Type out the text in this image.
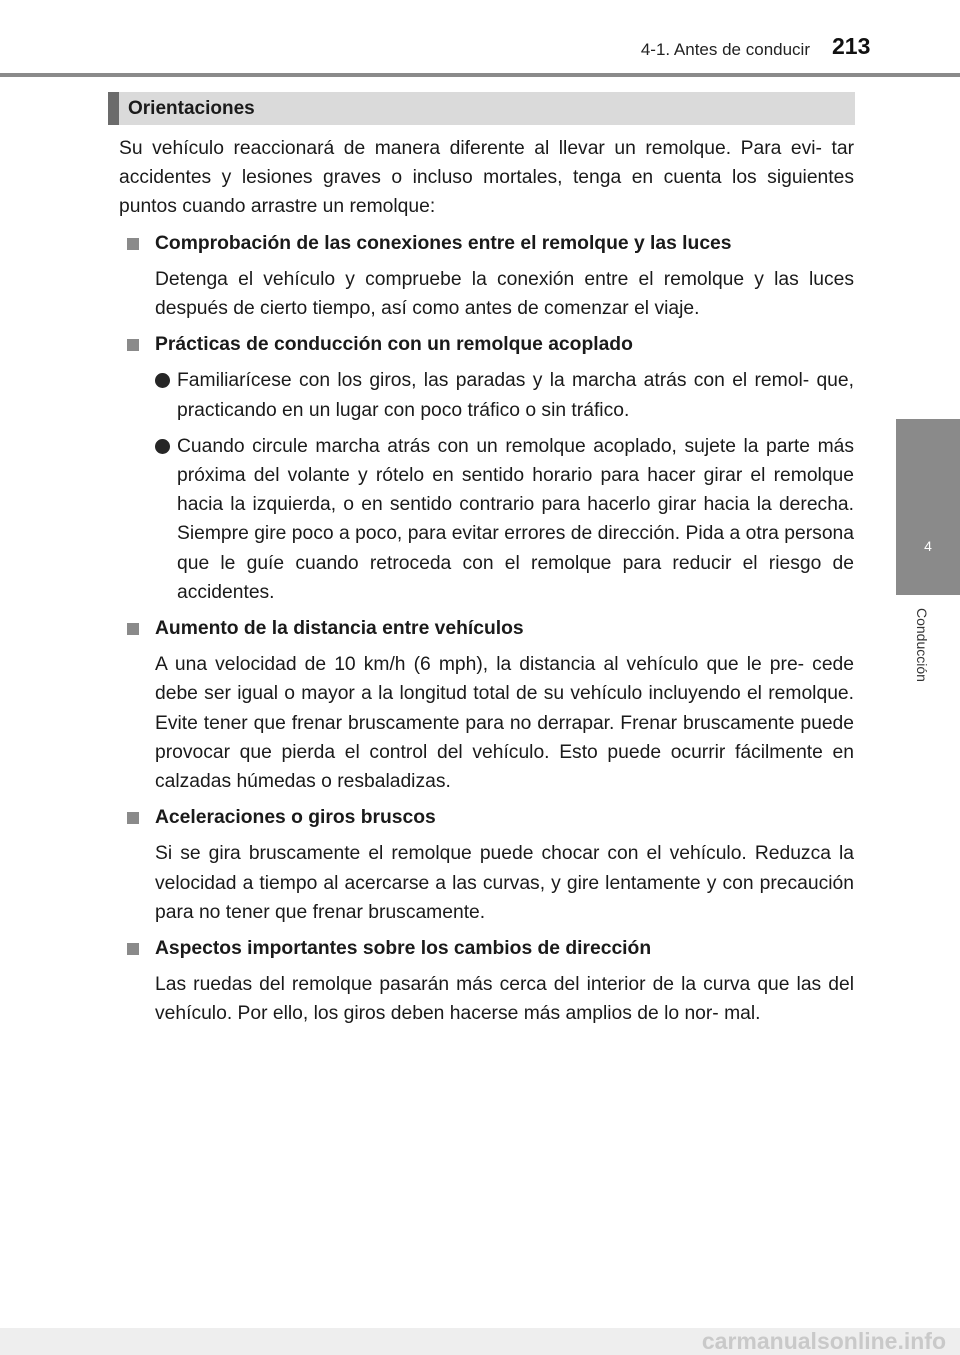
4-1. Antes de conducir 213
4
Conducción
Orientaciones

Su vehículo reaccionará de manera diferente al llevar un remolque. Para evi- tar accidentes y lesiones graves o incluso mortales, tenga en cuenta los siguientes puntos cuando arrastre un remolque:

Comprobación de las conexiones entre el remolque y las luces

Detenga el vehículo y compruebe la conexión entre el remolque y las luces después de cierto tiempo, así como antes de comenzar el viaje.

Prácticas de conducción con un remolque acoplado
Familiarícese con los giros, las paradas y la marcha atrás con el remol- que, practicando en un lugar con poco tráfico o sin tráfico.
Cuando circule marcha atrás con un remolque acoplado, sujete la parte más próxima del volante y rótelo en sentido horario para hacer girar el remolque hacia la izquierda, o en sentido contrario para hacerlo girar hacia la derecha. Siempre gire poco a poco, para evitar errores de dirección. Pida a otra persona que le guíe cuando retroceda con el remolque para reducir el riesgo de accidentes.
Aumento de la distancia entre vehículos

A una velocidad de 10 km/h (6 mph), la distancia al vehículo que le pre- cede debe ser igual o mayor a la longitud total de su vehículo incluyendo el remolque. Evite tener que frenar bruscamente para no derrapar. Frenar bruscamente puede provocar que pierda el control del vehículo. Esto puede ocurrir fácilmente en calzadas húmedas o resbaladizas.

Aceleraciones o giros bruscos

Si se gira bruscamente el remolque puede chocar con el vehículo. Reduzca la velocidad a tiempo al acercarse a las curvas, y gire lentamente y con precaución para no tener que frenar bruscamente.

Aspectos importantes sobre los cambios de dirección

Las ruedas del remolque pasarán más cerca del interior de la curva que las del vehículo. Por ello, los giros deben hacerse más amplios de lo nor- mal.

carmanualsonline.info
